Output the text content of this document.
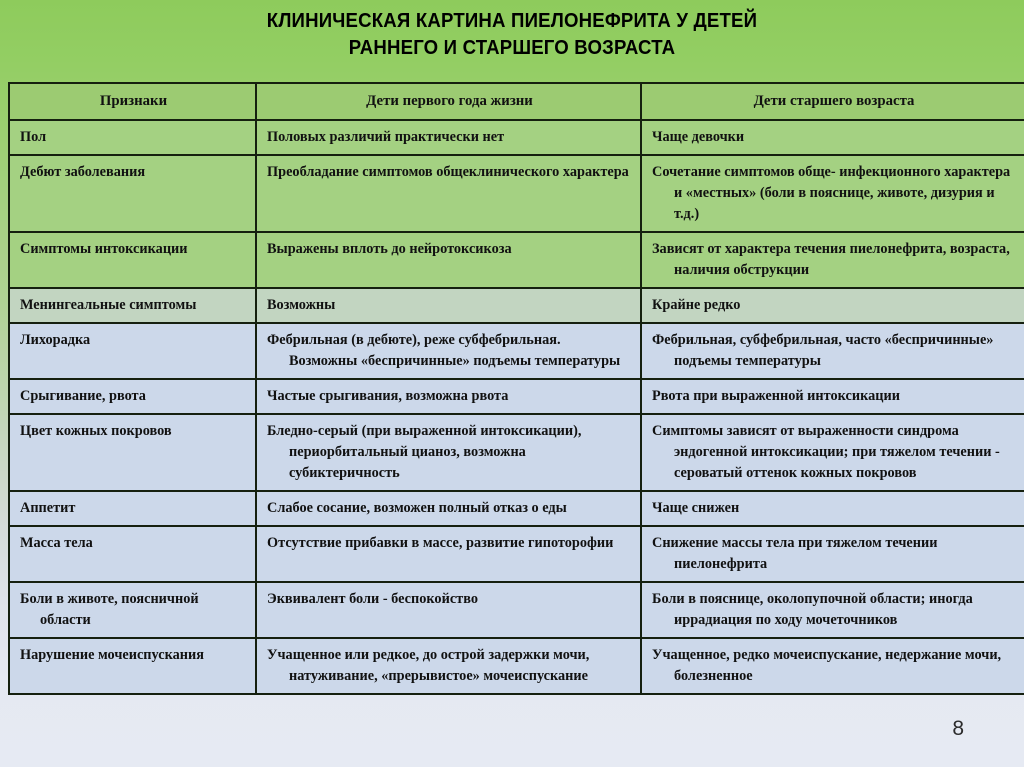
КЛИНИЧЕСКАЯ КАРТИНА ПИЕЛОНЕФРИТА У ДЕТЕЙ
РАННЕГО И СТАРШЕГО ВОЗРАСТА
Признаки	Дети первого года жизни	Дети старшего возраста

Пол	Половых различий практически нет	Чаще девочки

Дебют заболевания	Преобладание симптомов общеклинического характера	Сочетание симптомов обще- инфекционного характера и «местных» (боли в пояснице, животе, дизурия и т.д.)

Симптомы интоксикации	Выражены вплоть до нейротоксикоза	Зависят от характера течения пиелонефрита, возраста, наличия обструкции

Менингеальные симптомы	Возможны	Крайне редко

Лихорадка	Фебрильная (в дебюте), реже субфебрильная. Возможны «беспричинные» подъемы температуры	Фебрильная, субфебрильная, часто «беспричинные» подъемы температуры

Срыгивание, рвота	Частые срыгивания, возможна рвота	Рвота при выраженной интоксикации

Цвет кожных покровов	Бледно-серый (при выраженной интоксикации), периорбитальный цианоз, возможна субиктеричность	Симптомы зависят от выраженности синдрома эндогенной интоксикации; при тяжелом течении - сероватый оттенок кожных покровов

Аппетит	Слабое сосание, возможен полный отказ о еды	Чаще снижен

Масса тела	Отсутствие прибавки в массе, развитие гипоторофии	Снижение массы тела при тяжелом течении пиелонефрита

Боли в животе, поясничной области	Эквивалент боли - беспокойство	Боли в пояснице, околопупочной области; иногда иррадиация по ходу мочеточников

Нарушение мочеиспускания	Учащенное или редкое, до острой задержки мочи, натуживание, «прерывистое» мочеиспускание	Учащенное, редко мочеиспускание, недержание мочи, болезненное
8
